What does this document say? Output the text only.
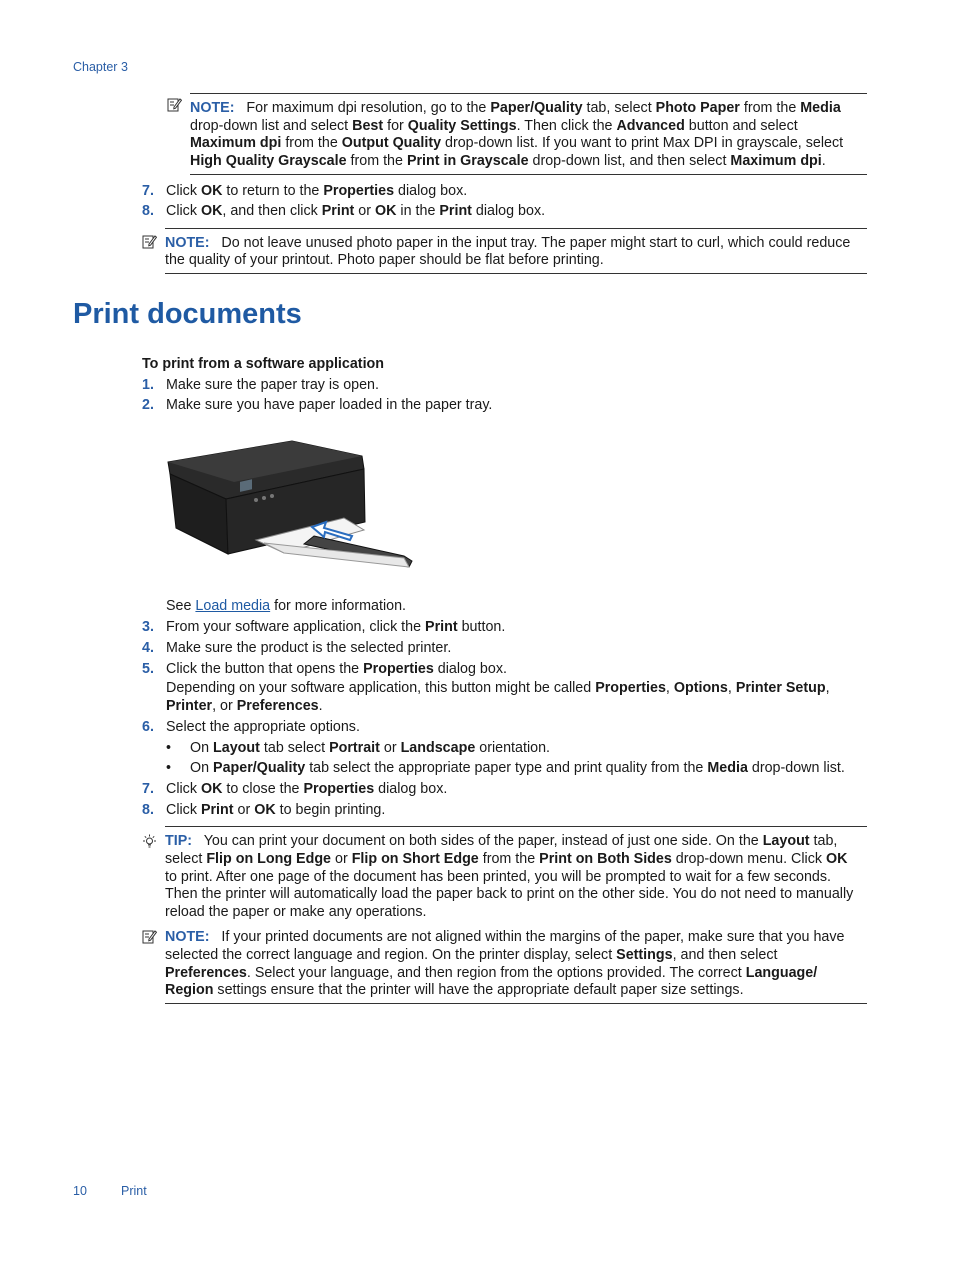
Chapter 3
NOTE: For maximum dpi resolution, go to the Paper/Quality tab, select Photo Paper from the Media
drop-down list and select Best for Quality Settings. Then click the Advanced button and select
Maximum dpi from the Output Quality drop-down list. If you want to print Max DPI in grayscale, select
High Quality Grayscale from the Print in Grayscale drop-down list, and then select Maximum dpi.
7. Click OK to return to the Properties dialog box.
8. Click OK, and then click Print or OK in the Print dialog box.
NOTE: Do not leave unused photo paper in the input tray. The paper might start to curl, which could reduce
the quality of your printout. Photo paper should be flat before printing.
Print documents
To print from a software application
1. Make sure the paper tray is open.
2. Make sure you have paper loaded in the paper tray.
See Load media for more information.
3. From your software application, click the Print button.
4. Make sure the product is the selected printer.
5. Click the button that opens the Properties dialog box.
Depending on your software application, this button might be called Properties, Options, Printer Setup,
Printer, or Preferences.
6. Select the appropriate options.
• On Layout tab select Portrait or Landscape orientation.
• On Paper/Quality tab select the appropriate paper type and print quality from the Media drop-down list.
7. Click OK to close the Properties dialog box.
8. Click Print or OK to begin printing.
TIP: You can print your document on both sides of the paper, instead of just one side. On the Layout tab,
select Flip on Long Edge or Flip on Short Edge from the Print on Both Sides drop-down menu. Click OK
to print. After one page of the document has been printed, you will be prompted to wait for a few seconds.
Then the printer will automatically load the paper back to print on the other side. You do not need to manually
reload the paper or make any operations.
NOTE: If your printed documents are not aligned within the margins of the paper, make sure that you have
selected the correct language and region. On the printer display, select Settings, and then select
Preferences. Select your language, and then region from the options provided. The correct Language/
Region settings ensure that the printer will have the appropriate default paper size settings.
10	Print
